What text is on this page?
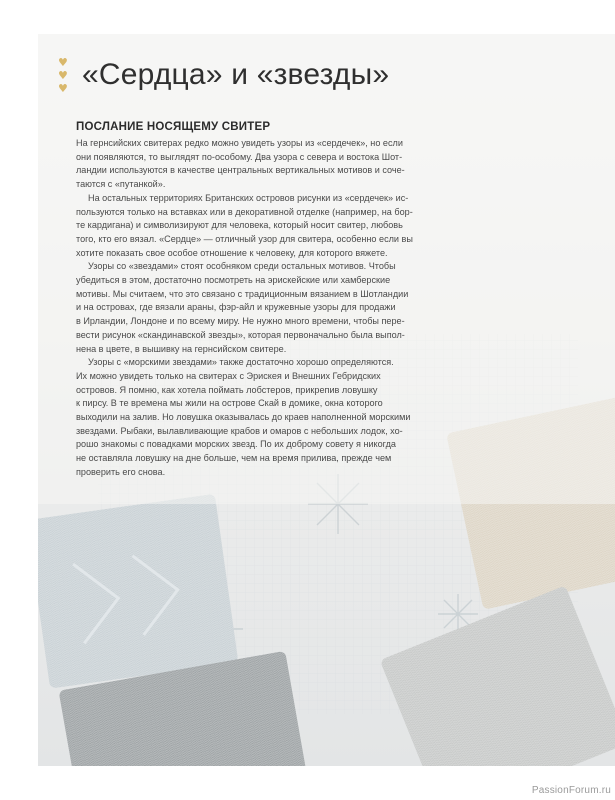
♥
♥
♥ «Сердца» и «звезды»
ПОСЛАНИЕ НОСЯЩЕМУ СВИТЕР
На гернсийских свитерах редко можно увидеть узоры из «сердечек», но если
они появляются, то выглядят по-особому. Два узора с севера и востока Шот-
ландии используются в качестве центральных вертикальных мотивов и сочe-
таются с «путанкой».
На остальных территориях Британских островов рисунки из «сердечек» ис-
пользуются только на вставках или в декоративной отделке (например, на бор-
те кардигана) и символизируют для человека, который носит свитер, любовь
того, кто его вязал. «Сердце» — отличный узор для свитера, особенно если вы
хотите показать свое особое отношение к человеку, для которого вяжете.
Узоры со «звездами» стоят особняком среди остальных мотивов. Чтобы
убедиться в этом, достаточно посмотреть на эрискейские или хамберские
мотивы. Мы считаем, что это связано с традиционным вязанием в Шотландии
и на островах, где вязали араны, фэр-айл и кружевные узоры для продажи
в Ирландии, Лондоне и по всему миру. Не нужно много времени, чтобы пере-
вести рисунок «скандинавской звезды», которая первоначально была выпол-
нена в цвете, в вышивку на гернсийском свитере.
Узоры с «морскими звездами» также достаточно хорошо определяются.
Их можно увидеть только на свитерах с Эрискея и Внешних Гебридских
островов. Я помню, как хотела поймать лобстеров, прикрепив ловушку
к пирсу. В те времена мы жили на острове Скай в домике, окна которого
выходили на залив. Но ловушка оказывалась до краев наполненной морскими
звездами. Рыбаки, вылавливающие крабов и омаров с небольших лодок, хо-
рошо знакомы с повадками морских звезд. По их доброму совету я никогда
не оставляла ловушку на дне больше, чем на время прилива, прежде чем
проверить его снова.
PassionForum.ru
